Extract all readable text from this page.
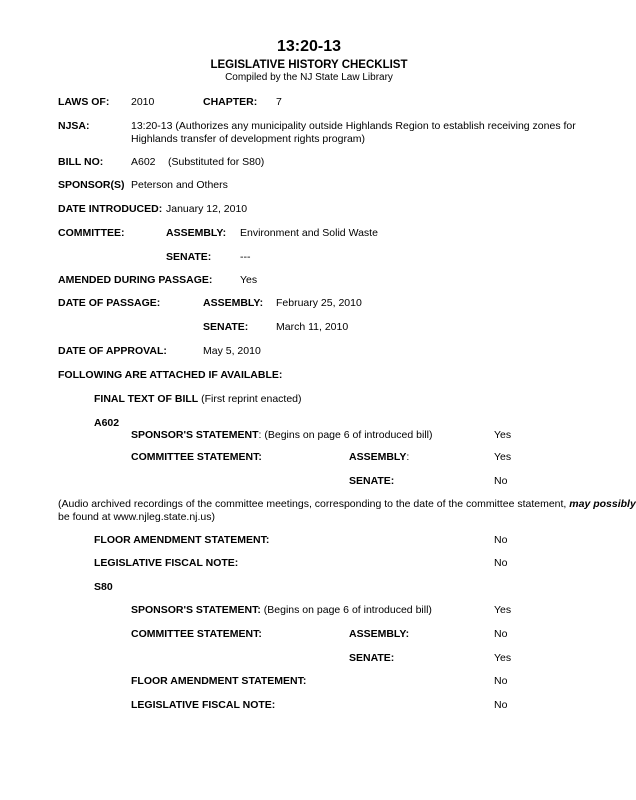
13:20-13
LEGISLATIVE HISTORY CHECKLIST
Compiled by the NJ State Law Library
LAWS OF: 2010	CHAPTER: 7
NJSA:	13:20-13 (Authorizes any municipality outside Highlands Region to establish receiving zones for Highlands transfer of development rights program)
BILL NO:	A602 (Substituted for S80)
SPONSOR(S) Peterson and Others
DATE INTRODUCED: January 12, 2010
COMMITTEE:	ASSEMBLY: Environment and Solid Waste
SENATE:	---
AMENDED DURING PASSAGE:	Yes
DATE OF PASSAGE:	ASSEMBLY: February 25, 2010
SENATE:	March 11, 2010
DATE OF APPROVAL:	May 5, 2010
FOLLOWING ARE ATTACHED IF AVAILABLE:
FINAL TEXT OF BILL (First reprint enacted)
A602
SPONSOR'S STATEMENT: (Begins on page 6 of introduced bill)	Yes
COMMITTEE STATEMENT:	ASSEMBLY:	Yes
SENATE:	No
(Audio archived recordings of the committee meetings, corresponding to the date of the committee statement, may possibly
be found at www.njleg.state.nj.us)
FLOOR AMENDMENT STATEMENT:	No
LEGISLATIVE FISCAL NOTE:	No
S80
SPONSOR'S STATEMENT: (Begins on page 6 of introduced bill)	Yes
COMMITTEE STATEMENT:	ASSEMBLY:	No
SENATE:	Yes
FLOOR AMENDMENT STATEMENT:	No
LEGISLATIVE FISCAL NOTE:	No
